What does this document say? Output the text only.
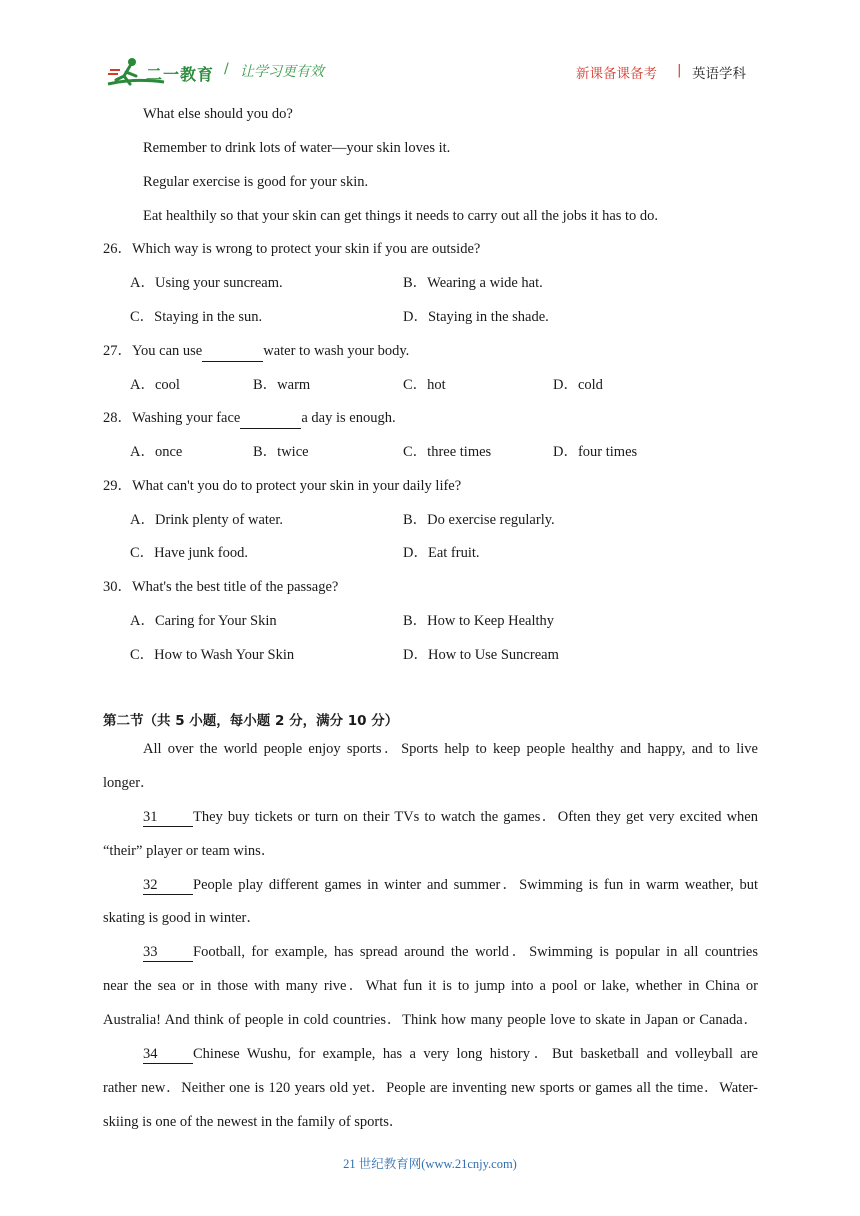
二一教育 / 让学习更有效	新课备课备考 | 英语学科
What else should you do?
Remember to drink lots of water—your skin loves it.
Regular exercise is good for your skin.
Eat healthily so that your skin can get things it needs to carry out all the jobs it has to do.
26．Which way is wrong to protect your skin if you are outside?
A．Using your suncream.	B．Wearing a wide hat.
C．Staying in the sun.	D．Staying in the shade.
27．You can use	water to wash your body.
A．cool	B．warm	C．hot	D．cold
28．Washing your face	a day is enough.
A．once	B．twice	C．three times	D．four times
29．What can't you do to protect your skin in your daily life?
A．Drink plenty of water.	B．Do exercise regularly.
C．Have junk food.	D．Eat fruit.
30．What's the best title of the passage?
A．Caring for Your Skin	B．How to Keep Healthy
C．How to Wash Your Skin	D．How to Use Suncream
第二节（共 5 小题，每小题 2 分，满分 10 分）
All over the world people enjoy sports．Sports help to keep people healthy and happy, and to live
longer．
31 They buy tickets or turn on their TVs to watch the games．Often they get very excited when
“their” player or team wins．
32 People play different games in winter and summer．Swimming is fun in warm weather, but
skating is good in winter．
33 Football, for example, has spread around the world．Swimming is popular in all countries
near the sea or in those with many rive．What fun it is to jump into a pool or lake, whether in China or
Australia! And think of people in cold countries．Think how many people love to skate in Japan or Canada．
34 Chinese Wushu, for example, has a very long history．But basketball and volleyball are
rather new．Neither one is 120 years old yet．People are inventing new sports or games all the time．Water-
skiing is one of the newest in the family of sports．
21 世纪教育网(www.21cnjy.com)
